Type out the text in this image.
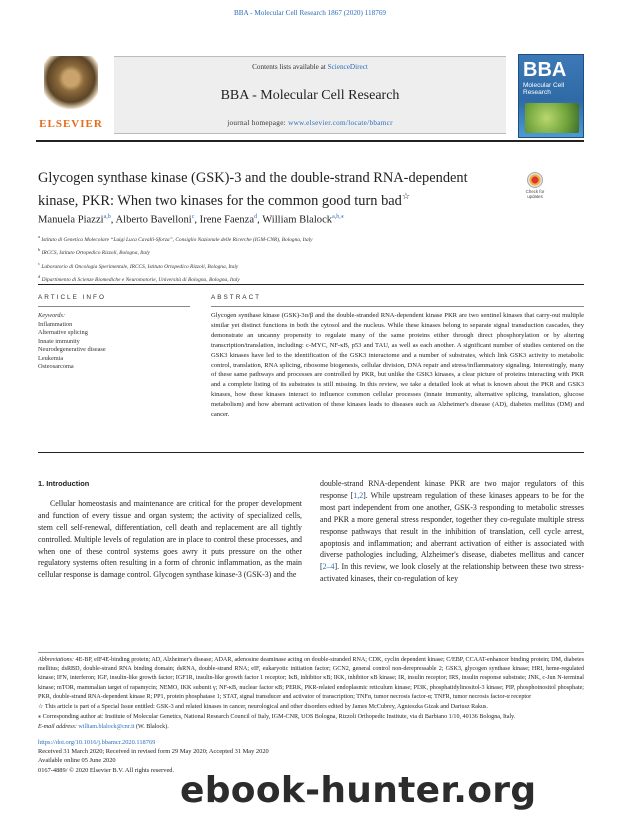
BBA - Molecular Cell Research 1867 (2020) 118769
ELSEVIER
Contents lists available at ScienceDirect
BBA - Molecular Cell Research
journal homepage: www.elsevier.com/locate/bbamcr
BBA
Molecular Cell Research
Glycogen synthase kinase (GSK)-3 and the double-strand RNA-dependent kinase, PKR: When two kinases for the common good turn bad☆	Check for updates
Manuela Piazzi$^{a,b}$, Alberto Bavelloni$^c$, Irene Faenza$^d$, William Blalock$^{a,b,⁎}$
$^a$ Istituto di Genetica Molecolare “Luigi Luca Cavalli-Sforza”, Consiglio Nazionale delle Ricerche (IGM-CNR), Bologna, Italy
$^b$ IRCCS, Istituto Ortopedico Rizzoli, Bologna, Italy
$^c$ Laboratorio di Oncologia Sperimentale, IRCCS, Istituto Ortopedico Rizzoli, Bologna, Italy
$^d$ Dipartimento di Scienze Biomediche e Neuromotorie, Università di Bologna, Bologna, Italy
ARTICLE INFO
Keywords:
Inflammation
Alternative splicing
Innate immunity
Neurodegenerative disease
Leukemia
Osteosarcoma
ABSTRACT
Glycogen synthase kinase (GSK)-3α/β and the double-stranded RNA-dependent kinase PKR are two sentinel kinases that carry-out multiple similar yet distinct functions in both the cytosol and the nucleus. While these kinases belong to separate signal transduction cascades, they demonstrate an uncanny propensity to regulate many of the same proteins either through direct phosphorylation or by altering transcription/translation, including: c-MYC, NF-κB, p53 and TAU, as well as each another. A significant number of studies centered on the GSK3 kinases have led to the identification of the GSK3 interactome and a number of substrates, which link GSK3 activity to metabolic control, translation, RNA splicing, ribosome biogenesis, cellular division, DNA repair and stress/inflammatory signaling. Interestingly, many of these same pathways and processes are controlled by PKR, but unlike the GSK3 kinases, a clear picture of proteins interacting with PKR and a complete listing of its substrates is still missing. In this review, we take a detailed look at what is known about the PKR and GSK3 kinases, how these kinases interact to influence common cellular processes (innate immunity, alternative splicing, translation, glucose metabolism) and how aberrant activation of these kinases leads to diseases such as Alzheimer's disease (AD), diabetes mellitus (DM) and cancer.
1. Introduction

Cellular homeostasis and maintenance are critical for the proper development and function of every tissue and organ system; the activity of specialized cells, stem cell self-renewal, differentiation, cell death and replacement are all tightly controlled. Multiple levels of regulation are in place to control these processes, and when one of these control systems goes awry it puts pressure on the other regulatory systems often resulting in a form of chronic inflammation, as the main cellular response is damage control. Glycogen synthase kinase-3 (GSK-3) and the

double-strand RNA-dependent kinase PKR are two major regulators of this response [1,2]. While upstream regulation of these kinases appears to be for the most part independent from one another, GSK-3 responding to metabolic stresses and PKR a more general stress responder, together they co-regulate multiple stress response pathways that result in the inhibition of translation, cell cycle arrest, apoptosis and inflammation; and aberrant activation of either is associated with diverse pathologies including, Alzheimer's disease, diabetes mellitus and cancer [2–4]. In this review, we look closely at the relationship between these two stress-activated kinases, their co-regulation of key

Abbreviations: 4E-BP, eIF4E-binding protein; AD, Alzheimer's disease; ADAR, adenosine deaminase acting on double-stranded RNA; CDK, cyclin dependent kinase; C/EBP, CCAAT-enhancer binding protein; DM, diabetes mellitus; dsRBD, double-strand RNA binding domain; dsRNA, double-strand RNA; eIF, eukaryotic initiation factor; GCN2, general control non-derepressable 2; GSK3, glycogen synthase kinase; HRI, heme-regulated kinase; IFN, interferon; IGF, insulin-like growth factor; IGF1R, insulin-like growth factor 1 receptor; IκB, inhibitor κB; IKK, inhibitor κB kinase; IR, insulin receptor; IRS, insulin response substrate; JNK, c-Jun N-terminal kinase; mTOR, mammalian target of rapamycin; NEMO, IKK subunit γ; NF-κB, nuclear factor κB; PERK, PKR-related endoplasmic reticulum kinase; PI3K, phosphatidylinositol-3 kinase; PIP, phosphoinositol phosphate; PKR, double-strand RNA-dependent kinase R; PP1, protein phosphatase 1; STAT, signal transducer and activator of transcription; TNFα, tumor necrosis factor-α; TNFR, tumor necrosis factor-α receptor

☆ This article is part of a Special Issue entitled: GSK-3 and related kinases in cancer, neurological and other disorders edited by James McCubrey, Agnieszka Gizak and Dariusz Rakus.

⁎ Corresponding author at: Institute of Molecular Genetics, National Research Council of Italy, IGM-CNR, UOS Bologna, Rizzoli Orthopedic Institute, via di Barbiano 1/10, 40136 Bologna, Italy.

E-mail address: william.blalock@cnr.it (W. Blalock).

https://doi.org/10.1016/j.bbamcr.2020.118769
Received 31 March 2020; Received in revised form 29 May 2020; Accepted 31 May 2020
Available online 05 June 2020
0167-4889/ © 2020 Elsevier B.V. All rights reserved. ebook-hunter.org
